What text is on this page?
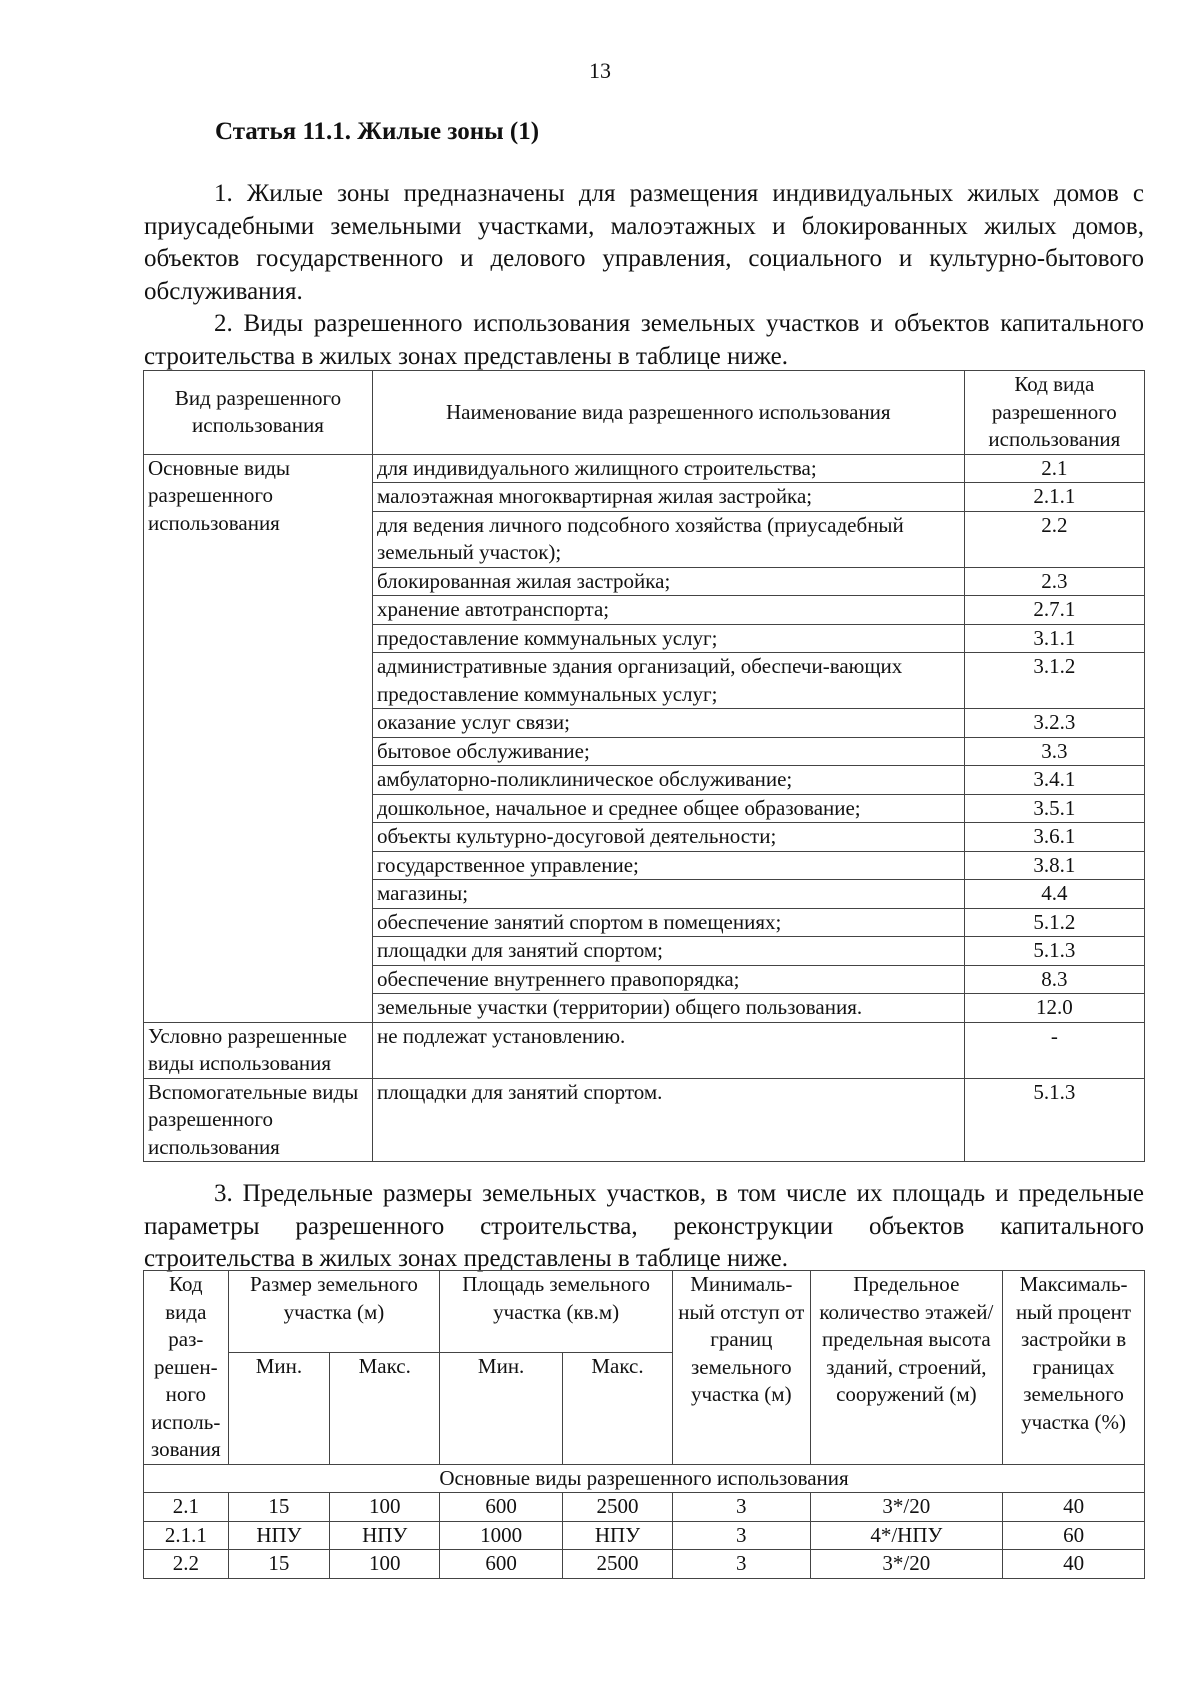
13
Статья 11.1. Жилые зоны (1)

1. Жилые зоны предназначены для размещения индивидуальных жилых домов с приусадебными земельными участками, малоэтажных и блокированных жилых домов, объектов государственного и делового управления, социального и культурно-бытового обслуживания.

2. Виды разрешенного использования земельных участков и объектов капитального строительства в жилых зонах представлены в таблице ниже.

Вид разрешенного использования	Наименование вида разрешенного использования	Код вида разрешенного использования
Основные виды разрешенного использования	для индивидуального жилищного строительства;	2.1
	малоэтажная многоквартирная жилая застройка;	2.1.1
	для ведения личного подсобного хозяйства (приусадебный земельный участок);	2.2
	блокированная жилая застройка;	2.3
	хранение автотранспорта;	2.7.1
	предоставление коммунальных услуг;	3.1.1
	административные здания организаций, обеспечи-вающих предоставление коммунальных услуг;	3.1.2
	оказание услуг связи;	3.2.3
	бытовое обслуживание;	3.3
	амбулаторно-поликлиническое обслуживание;	3.4.1
	дошкольное, начальное и среднее общее образование;	3.5.1
	объекты культурно-досуговой деятельности;	3.6.1
	государственное управление;	3.8.1
	магазины;	4.4
	обеспечение занятий спортом в помещениях;	5.1.2
	площадки для занятий спортом;	5.1.3
	обеспечение внутреннего правопорядка;	8.3
	земельные участки (территории) общего пользования.	12.0
Условно разрешенные виды использования	не подлежат установлению.	-
Вспомогательные виды разрешенного использования	площадки для занятий спортом.	5.1.3

3. Предельные размеры земельных участков, в том числе их площадь и предельные параметры разрешенного строительства, реконструкции объектов капитального строительства в жилых зонах представлены в таблице ниже.

Код вида раз-решен-ного исполь-зования	Размер земельного участка (м)		Площадь земельного участка (кв.м)		Минималь-ный отступ от границ земельного участка (м)	Предельное количество этажей/ предельная высота зданий, строений, сооружений (м)	Максималь-ный процент застройки в границах земельного участка (%)
	Мин.	Макс.	Мин.	Макс.			
Основные виды разрешенного использования							
2.1	15	100	600	2500	3	3*/20	40
2.1.1	НПУ	НПУ	1000	НПУ	3	4*/НПУ	60
2.2	15	100	600	2500	3	3*/20	40
